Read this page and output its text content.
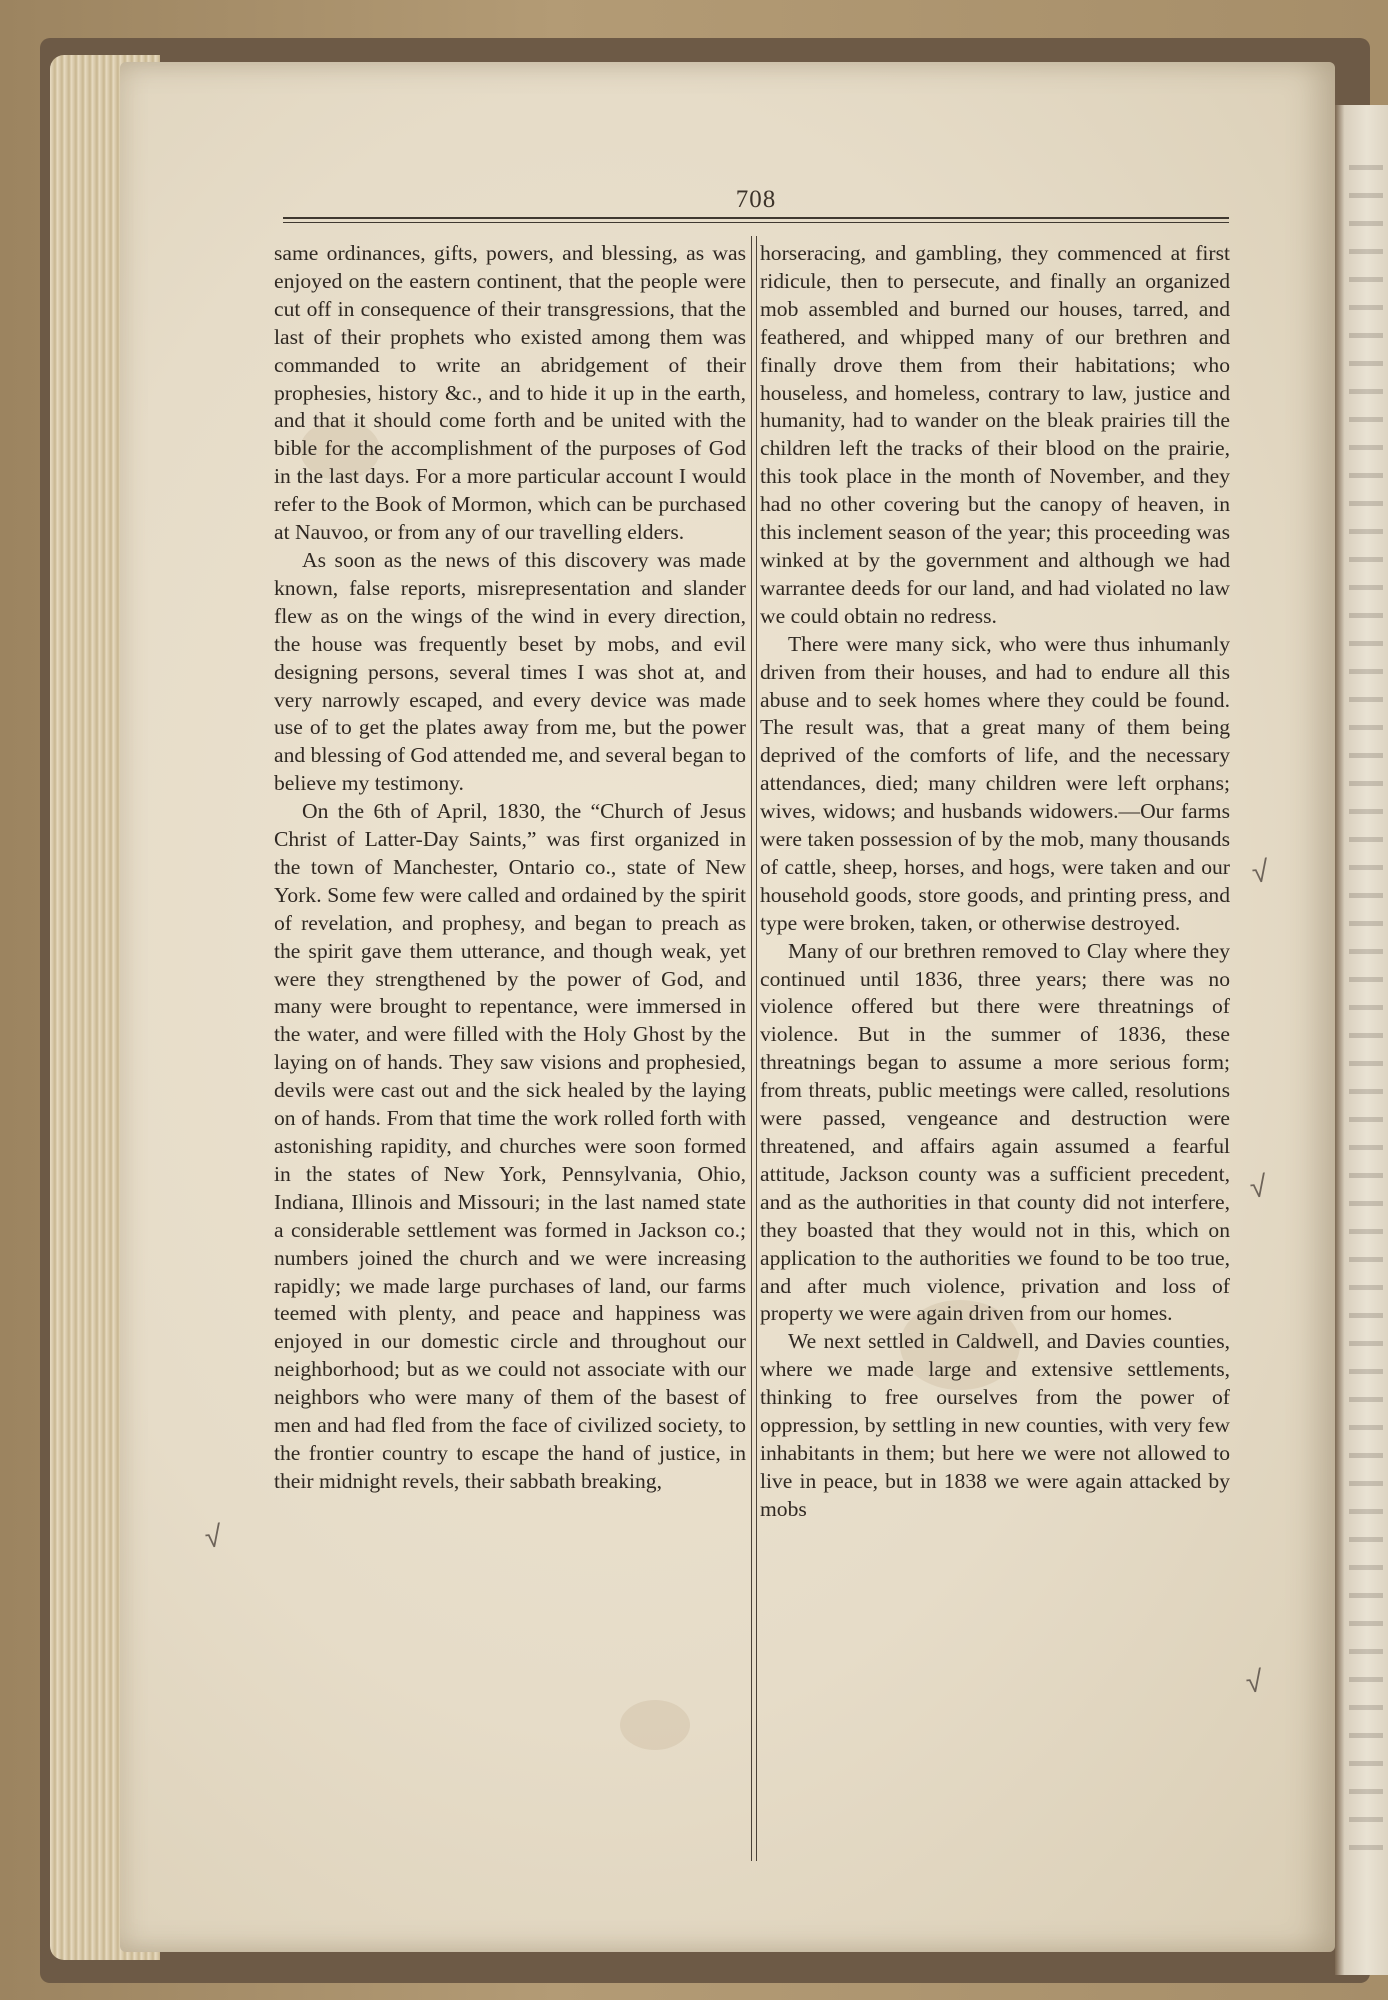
708

same ordinances, gifts, powers, and blessing, as was enjoyed on the eastern continent, that the people were cut off in consequence of their transgressions, that the last of their prophets who existed among them was commanded to write an abridgement of their prophesies, history &c., and to hide it up in the earth, and that it should come forth and be united with the bible for the accomplishment of the purposes of God in the last days. For a more particular account I would refer to the Book of Mormon, which can be purchased at Nauvoo, or from any of our travelling elders.

As soon as the news of this discovery was made known, false reports, misrepresentation and slander flew as on the wings of the wind in every direction, the house was frequently beset by mobs, and evil designing persons, several times I was shot at, and very narrowly escaped, and every device was made use of to get the plates away from me, but the power and blessing of God attended me, and several began to believe my testimony.

On the 6th of April, 1830, the “Church of Jesus Christ of Latter-Day Saints,” was first organized in the town of Manchester, Ontario co., state of New York. Some few were called and ordained by the spirit of revelation, and prophesy, and began to preach as the spirit gave them utterance, and though weak, yet were they strengthened by the power of God, and many were brought to repentance, were immersed in the water, and were filled with the Holy Ghost by the laying on of hands. They saw visions and prophesied, devils were cast out and the sick healed by the laying on of hands. From that time the work rolled forth with astonishing rapidity, and churches were soon formed in the states of New York, Pennsylvania, Ohio, Indiana, Illinois and Missouri; in the last named state a considerable settlement was formed in Jackson co.; numbers joined the church and we were increasing rapidly; we made large purchases of land, our farms teemed with plenty, and peace and happiness was enjoyed in our domestic circle and throughout our neighborhood; but as we could not associate with our neighbors who were many of them of the basest of men and had fled from the face of civilized society, to the frontier country to escape the hand of justice, in their midnight revels, their sabbath breaking,

horseracing, and gambling, they commenced at first ridicule, then to persecute, and finally an organized mob assembled and burned our houses, tarred, and feathered, and whipped many of our brethren and finally drove them from their habitations; who houseless, and homeless, contrary to law, justice and humanity, had to wander on the bleak prairies till the children left the tracks of their blood on the prairie, this took place in the month of November, and they had no other covering but the canopy of heaven, in this inclement season of the year; this proceeding was winked at by the government and although we had warrantee deeds for our land, and had violated no law we could obtain no redress.

There were many sick, who were thus inhumanly driven from their houses, and had to endure all this abuse and to seek homes where they could be found. The result was, that a great many of them being deprived of the comforts of life, and the necessary attendances, died; many children were left orphans; wives, widows; and husbands widowers.—Our farms were taken possession of by the mob, many thousands of cattle, sheep, horses, and hogs, were taken and our household goods, store goods, and printing press, and type were broken, taken, or otherwise destroyed.

Many of our brethren removed to Clay where they continued until 1836, three years; there was no violence offered but there were threatnings of violence. But in the summer of 1836, these threatnings began to assume a more serious form; from threats, public meetings were called, resolutions were passed, vengeance and destruction were threatened, and affairs again assumed a fearful attitude, Jackson county was a sufficient precedent, and as the authorities in that county did not interfere, they boasted that they would not in this, which on application to the authorities we found to be too true, and after much violence, privation and loss of property we were again driven from our homes.

We next settled in Caldwell, and Davies counties, where we made large and extensive settlements, thinking to free ourselves from the power of oppression, by settling in new counties, with very few inhabitants in them; but here we were not allowed to live in peace, but in 1838 we were again attacked by mobs

√
√
√
√
